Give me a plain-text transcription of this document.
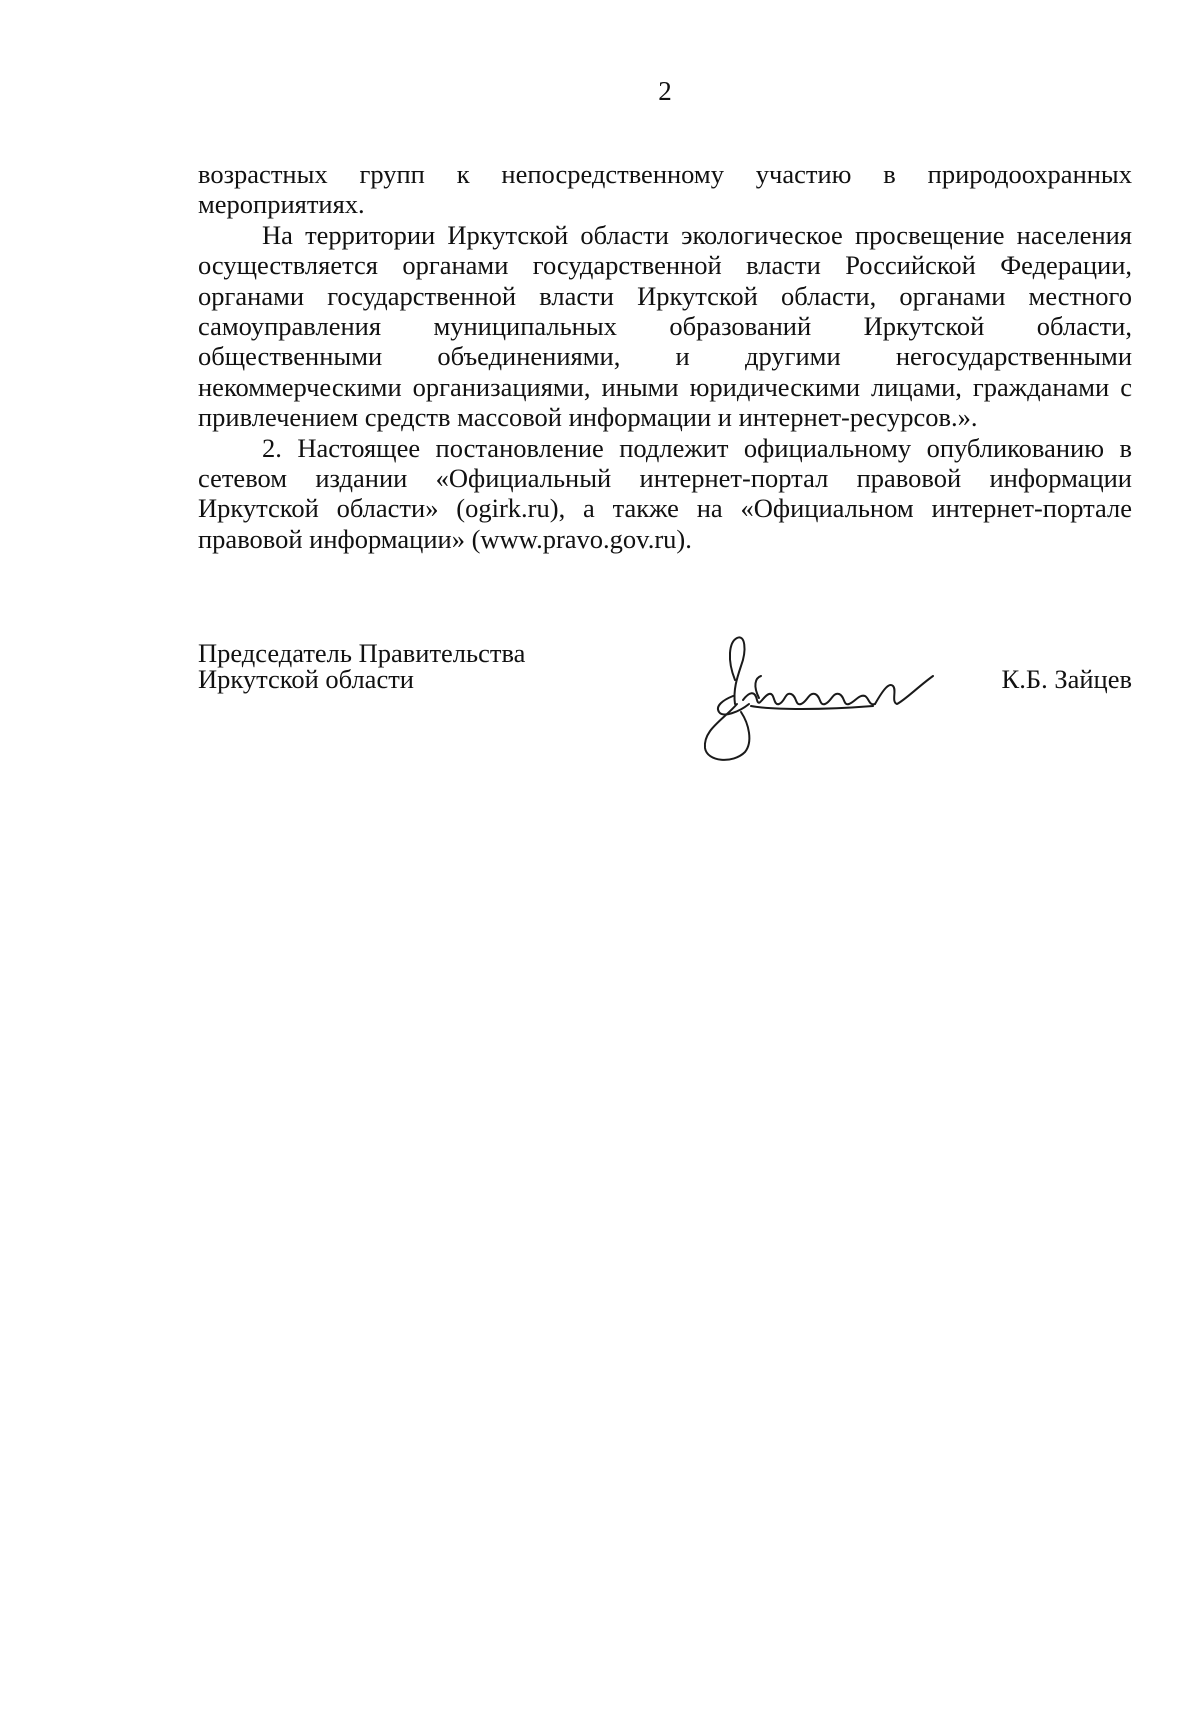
2

возрастных групп к непосредственному участию в природоохранных мероприятиях.

На территории Иркутской области экологическое просвещение населения осуществляется органами государственной власти Российской Федерации, органами государственной власти Иркутской области, органами местного самоуправления муниципальных образований Иркутской области, общественными объединениями, и другими негосударственными некоммерческими организациями, иными юридическими лицами, гражданами с привлечением средств массовой информации и интернет-ресурсов.».

2. Настоящее постановление подлежит официальному опубликованию в сетевом издании «Официальный интернет-портал правовой информации Иркутской области» (ogirk.ru), а также на «Официальном интернет-портале правовой информации» (www.pravo.gov.ru).

Председатель Правительства
Иркутской области	К.Б. Зайцев
